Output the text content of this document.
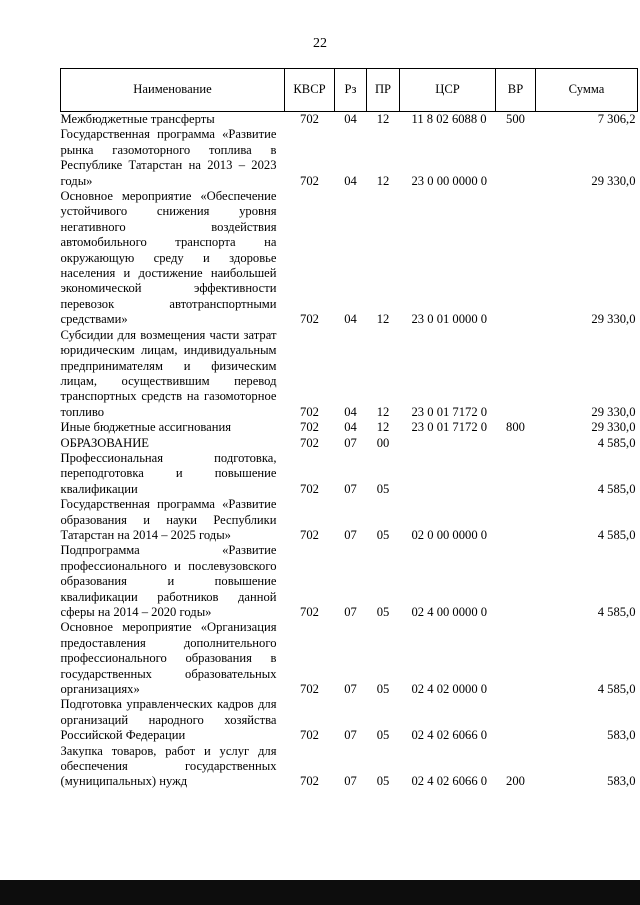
22
Наименование	КВСР	Рз	ПР	ЦСР	ВР	Сумма
Межбюджетные трансферты	702	04	12	11 8 02 6088 0	500	7 306,2
Государственная программа «Развитие рынка газомоторного топлива в Республике Татарстан на 2013 – 2023 годы»	702	04	12	23 0 00 0000 0		29 330,0
Основное мероприятие «Обеспечение устойчивого снижения уровня негативного воздействия автомобильного транспорта на окружающую среду и здоровье населения и достижение наибольшей экономической эффективности перевозок автотранспортными средствами»	702	04	12	23 0 01 0000 0		29 330,0
Субсидии для возмещения части затрат юридическим лицам, индивидуальным предпринимателям и физическим лицам, осуществившим перевод транспортных средств на газомоторное топливо	702	04	12	23 0 01 7172 0		29 330,0
Иные бюджетные ассигнования	702	04	12	23 0 01 7172 0	800	29 330,0
ОБРАЗОВАНИЕ	702	07	00			4 585,0
Профессиональная подготовка, переподготовка и повышение квалификации	702	07	05			4 585,0
Государственная программа «Развитие образования и науки Республики Татарстан на 2014 – 2025 годы»	702	07	05	02 0 00 0000 0		4 585,0
Подпрограмма «Развитие профессионального и послевузовского образования и повышение квалификации работников данной сферы на 2014 – 2020 годы»	702	07	05	02 4 00 0000 0		4 585,0
Основное мероприятие «Организация предоставления дополнительного профессионального образования в государственных образовательных организациях»	702	07	05	02 4 02 0000 0		4 585,0
Подготовка управленческих кадров для организаций народного хозяйства Российской Федерации	702	07	05	02 4 02 6066 0		583,0
Закупка товаров, работ и услуг для обеспечения государственных (муниципальных) нужд	702	07	05	02 4 02 6066 0	200	583,0
